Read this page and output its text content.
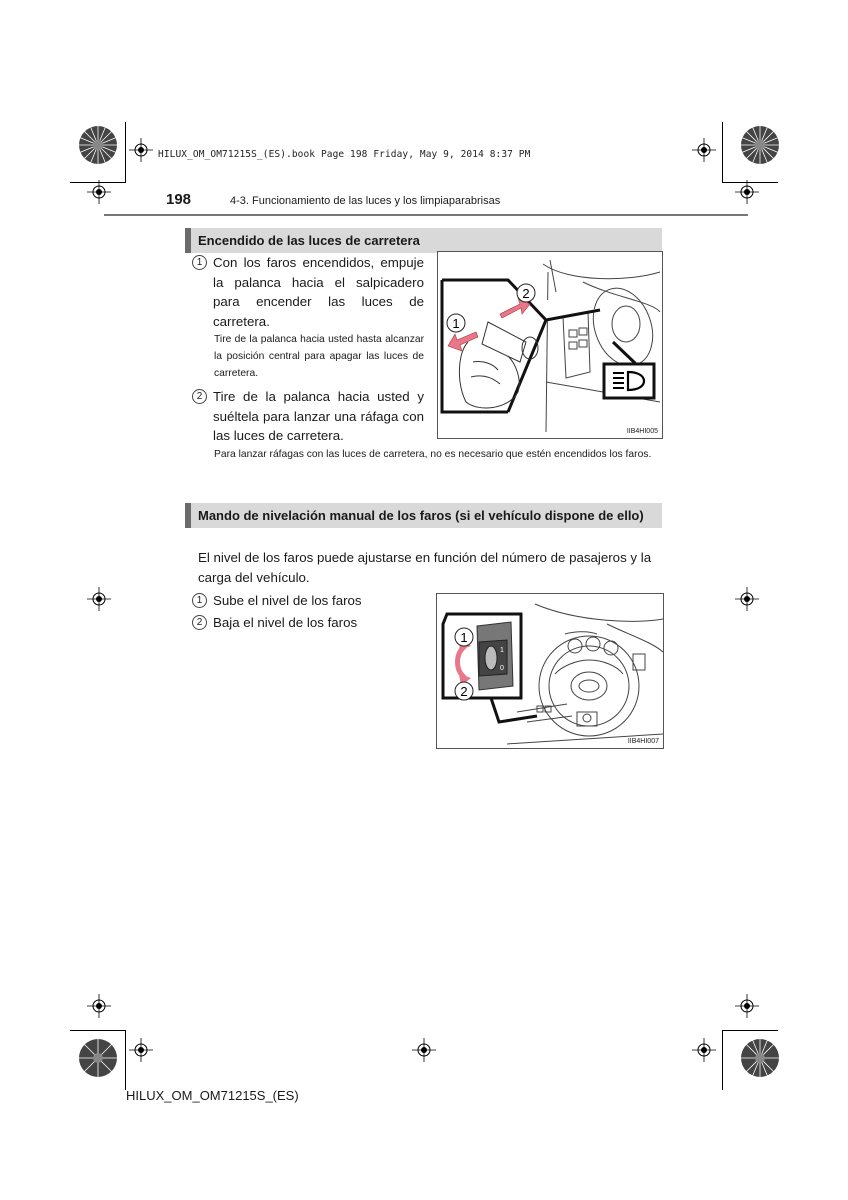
HILUX_OM_OM71215S_(ES).book Page 198 Friday, May 9, 2014 8:37 PM
198	4-3. Funcionamiento de las luces y los limpiaparabrisas
Encendido de las luces de carretera
1 Con los faros encendidos, empuje la palanca hacia el salpicadero para encender las luces de carretera.
Tire de la palanca hacia usted hasta alcanzar la posición central para apagar las luces de carretera.
2 Tire de la palanca hacia usted y suéltela para lanzar una ráfaga con las luces de carretera.
Para lanzar ráfagas con las luces de carretera, no es necesario que estén encendidos los faros.
2
1
IIB4HI005
Mando de nivelación manual de los faros (si el vehículo dispone de ello)
El nivel de los faros puede ajustarse en función del número de pasajeros y la carga del vehículo.
1 Sube el nivel de los faros
2 Baja el nivel de los faros
1
0
1
2
IIB4HI007
HILUX_OM_OM71215S_(ES)
